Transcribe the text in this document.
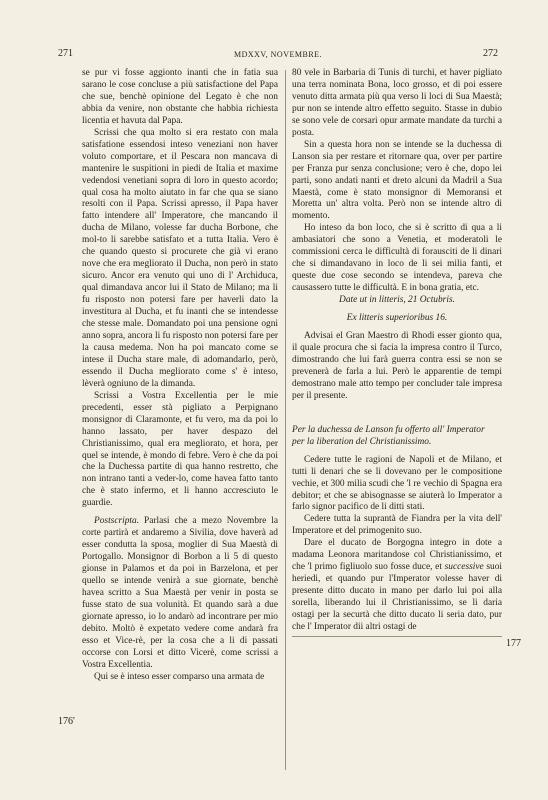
271	MDXXV, NOVEMBRE.	272
176'
177

se pur vi fosse aggionto inanti che in fatia sua sarano le cose concluse a più satisfactione del Papa che sue, benchè opinione del Legato è che non abbia da venire, non obstante che habbia richiesta licentia et havuta dal Papa.

Scrissi che qua molto si era restato con mala satisfatione essendosi inteso veneziani non haver voluto comportare, et il Pescara non mancava di mantenire le suspitioni in piedi de Italia et maxime vedendosi venetiani sopra di loro in questo acordo; qual cosa ha molto aiutato in far che qua se siano resolti con il Papa. Scrissi apresso, il Papa haver fatto intendere all' Imperatore, che mancando il ducha de Milano, volesse far ducha Borbone, che mol-to li sarebbe satisfato et a tutta Italia. Vero è che quando questo si procurete che già vi erano nove che era megliorato il Ducha, non però in stato sicuro. Ancor era venuto qui uno di l' Archiduca, qual dimandava ancor lui il Stato de Milano; ma li fu risposto non potersi fare per haverli dato la investitura al Ducha, et fu inanti che se intendesse che stesse male. Domandato poi una pensione ogni anno sopra, ancora li fu risposto non potersi fare per la causa medema. Non ha poi mancato come se intese il Ducha stare male, di adomandarlo, però, essendo il Ducha megliorato come s' è inteso, lèverà ogniuno de la dimanda.

Scrissi a Vostra Excellentia per le mie precedenti, esser stà pigliato a Perpignano monsignor di Claramonte, et fu vero, ma da poi lo hanno lassato, per haver despazo del Christianissimo, qual era megliorato, et hora, per quel se intende, è mondo di febre. Vero è che da poi che la Duchessa partite di qua hanno restretto, che non intrano tanti a veder-lo, come havea fatto tanto che è stato infermo, et li hanno accresciuto le guardie.

Postscripta. Parlasi che a mezo Novembre la corte partirà et andaremo a Sivilia, dove haverà ad esser condutta la sposa, moglier di Sua Maestà di Portogallo. Monsignor di Borbon a li 5 di questo gionse in Palamos et da poi in Barzelona, et per quello se intende venirà a sue giornate, benchè havea scritto a Sua Maestà per venir in posta se fusse stato de sua volunità. Et quando sarà a due giornate apresso, io lo andarò ad incontrare per mio debito. Moltò è expetato vedere come andarà fra esso et Vice-rè, per la cosa che a li di passati occorse con Lorsi et ditto Vicerè, come scrissi a Vostra Excellentia.

Qui se è inteso esser comparso una armata de

80 vele in Barbaria di Tunis di turchi, et haver pigliato una terra nominata Bona, loco grosso, et di poi essere venuto ditta armata più qua verso li loci di Sua Maestà; pur non se intende altro effetto seguito. Stasse in dubio se sono vele de corsari opur armate mandate da turchi a posta.

Sin a questa hora non se intende se la duchessa di Lanson sia per restare et ritornare qua, over per partire per Franza pur senza conclusione; vero è che, dopo lei parti, sono andati nanti et dreto alcuni da Madril a Sua Maestà, come è stato monsignor di Memoransi et Moretta un' altra volta. Però non se intende altro di momento.

Ho inteso da bon loco, che si è scritto di qua a li ambasiatori che sono a Venetia, et moderatoli le commissioni cerca le difficultà di forausciti de li dinari che si dimandavano in loco de li sei milia fanti, et queste due cose secondo se intendeva, pareva che causassero tutte le difficultà. E in bona gratia, etc.

Date ut in litteris, 21 Octubris.

Ex litteris superioribus 16.

Advisai el Gran Maestro di Rhodi esser gionto qua, il quale procura che si facia la impresa contro il Turco, dimostrando che lui farà guerra contra essi se non se prevenerà de farla a lui. Però le apparentie de tempi demostrano male atto tempo per concluder tale impresa per il presente.

Per la duchessa de Lanson fu offerto all' Imperator per la liberation del Christianissimo.

Cedere tutte le ragioni de Napoli et de Milano, et tutti li denari che se li dovevano per le compositione vechie, et 300 milia scudi che 'l re vechio di Spagna era debitor; et che se abisognasse se aiuterà lo Imperator a farlo signor pacifico de li ditti stati.

Cedere tutta la suprantà de Fiandra per la vita dell' Imperatore et del primogenito suo.

Dare el ducato de Borgogna integro in dote a madama Leonora maritandose col Christianissimo, et che 'l primo figliuolo suo fosse duce, et successive suoi heriedi, et quando pur l'Imperator volesse haver di presente ditto ducato in mano per darlo lui poi alla sorella, liberando lui il Christianissimo, se li daria ostagi per la securtà che ditto ducato li seria dato, pur che l' Imperator dii altri ostagi de
